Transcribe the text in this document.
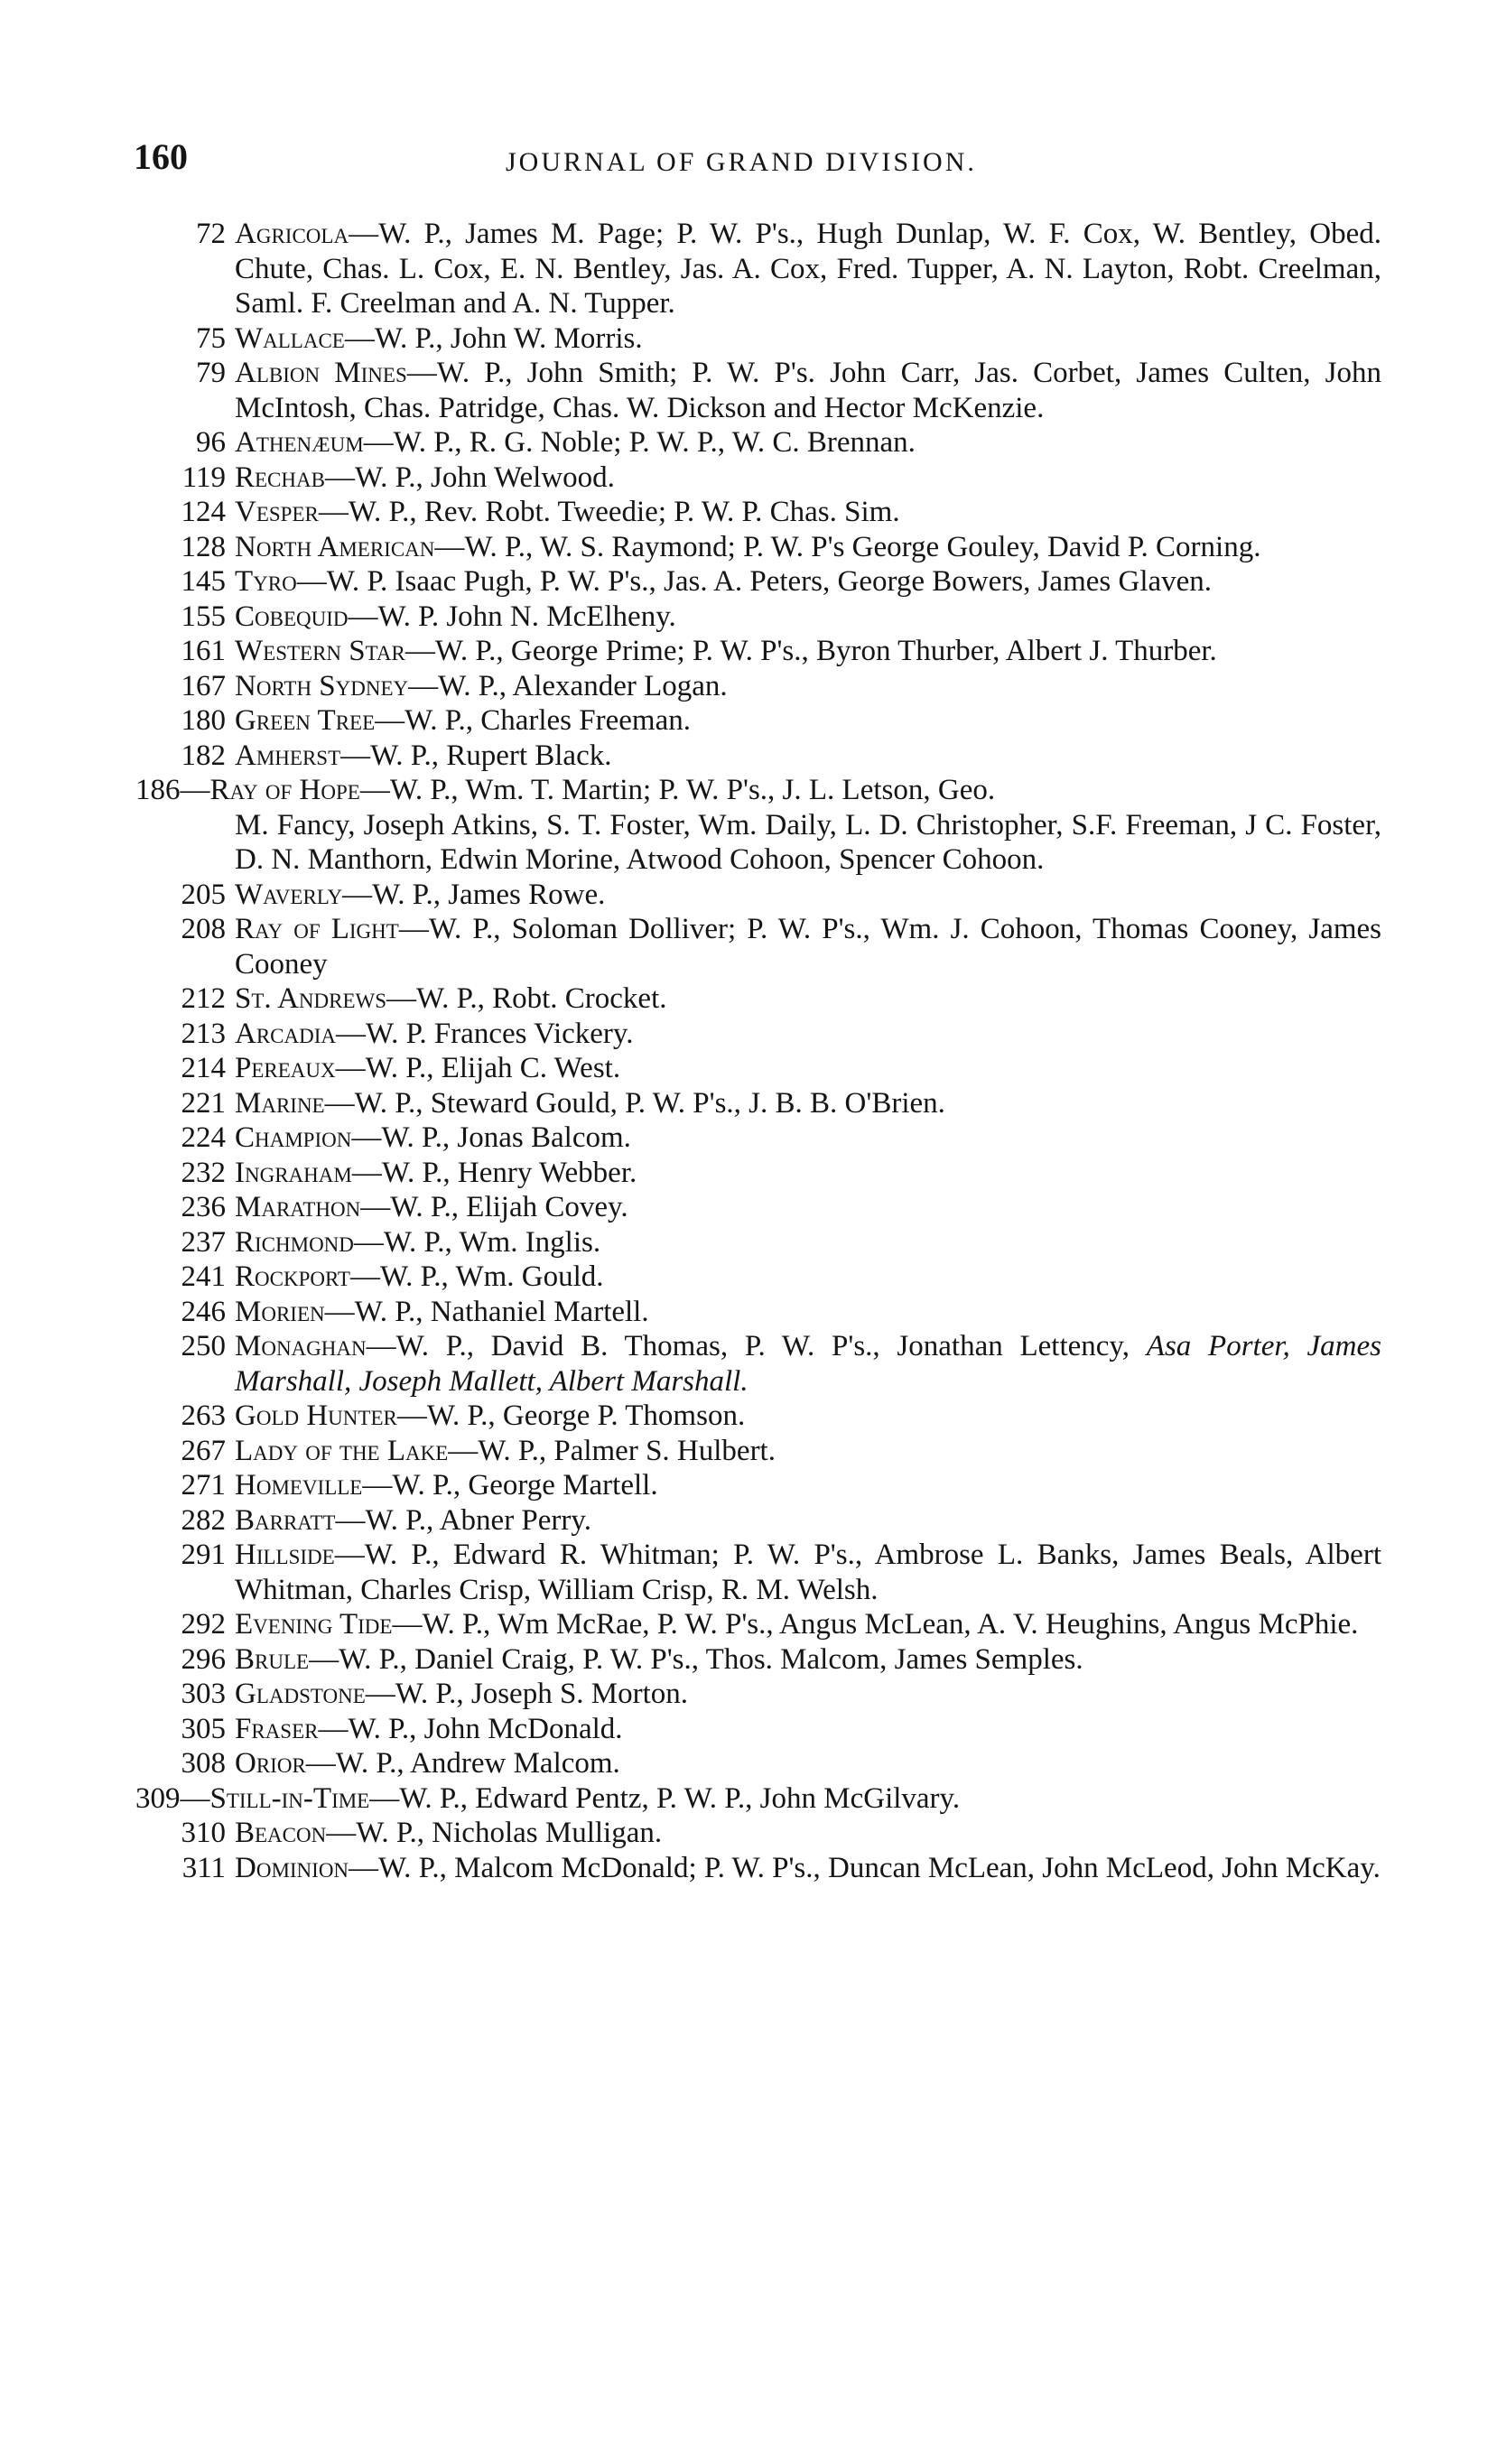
160	JOURNAL OF GRAND DIVISION.
72 Agricola—W. P., James M. Page; P. W. P's., Hugh Dunlap, W. F. Cox, W. Bentley, Obed. Chute, Chas. L. Cox, E. N. Bentley, Jas. A. Cox, Fred. Tupper, A. N. Layton, Robt. Creelman, Saml. F. Creelman and A. N. Tupper.
75 Wallace—W. P., John W. Morris.
79 Albion Mines—W. P., John Smith; P. W. P's. John Carr, Jas. Corbet, James Culten, John McIntosh, Chas. Patridge, Chas. W. Dickson and Hector McKenzie.
96 Athenæum—W. P., R. G. Noble; P. W. P., W. C. Brennan.
119 Rechab—W. P., John Welwood.
124 Vesper—W. P., Rev. Robt. Tweedie; P. W. P. Chas. Sim.
128 North American—W. P., W. S. Raymond; P. W. P's George Gouley, David P. Corning.
145 Tyro—W. P. Isaac Pugh, P. W. P's., Jas. A. Peters, George Bowers, James Glaven.
155 Cobequid—W. P. John N. McElheny.
161 Western Star—W. P., George Prime; P. W. P's., Byron Thurber, Albert J. Thurber.
167 North Sydney—W. P., Alexander Logan.
180 Green Tree—W. P., Charles Freeman.
182 Amherst—W. P., Rupert Black.
186—Ray of Hope—W. P., Wm. T. Martin; P. W. P's., J. L. Letson, Geo.
M. Fancy, Joseph Atkins, S. T. Foster, Wm. Daily, L. D. Christopher, S.F. Freeman, J C. Foster, D. N. Manthorn, Edwin Morine, Atwood Cohoon, Spencer Cohoon.
205 Waverly—W. P., James Rowe.
208 Ray of Light—W. P., Soloman Dolliver; P. W. P's., Wm. J. Cohoon, Thomas Cooney, James Cooney
212 St. Andrews—W. P., Robt. Crocket.
213 Arcadia—W. P. Frances Vickery.
214 Pereaux—W. P., Elijah C. West.
221 Marine—W. P., Steward Gould, P. W. P's., J. B. B. O'Brien.
224 Champion—W. P., Jonas Balcom.
232 Ingraham—W. P., Henry Webber.
236 Marathon—W. P., Elijah Covey.
237 Richmond—W. P., Wm. Inglis.
241 Rockport—W. P., Wm. Gould.
246 Morien—W. P., Nathaniel Martell.
250 Monaghan—W. P., David B. Thomas, P. W. P's., Jonathan Lettency, Asa Porter, James Marshall, Joseph Mallett, Albert Marshall.
263 Gold Hunter—W. P., George P. Thomson.
267 Lady of the Lake—W. P., Palmer S. Hulbert.
271 Homeville—W. P., George Martell.
282 Barratt—W. P., Abner Perry.
291 Hillside—W. P., Edward R. Whitman; P. W. P's., Ambrose L. Banks, James Beals, Albert Whitman, Charles Crisp, William Crisp, R. M. Welsh.
292 Evening Tide—W. P., Wm McRae, P. W. P's., Angus McLean, A. V. Heughins, Angus McPhie.
296 Brule—W. P., Daniel Craig, P. W. P's., Thos. Malcom, James Semples.
303 Gladstone—W. P., Joseph S. Morton.
305 Fraser—W. P., John McDonald.
308 Orior—W. P., Andrew Malcom.
309—Still-in-Time—W. P., Edward Pentz, P. W. P., John McGilvary.
310 Beacon—W. P., Nicholas Mulligan.
311 Dominion—W. P., Malcom McDonald; P. W. P's., Duncan McLean, John McLeod, John McKay.
